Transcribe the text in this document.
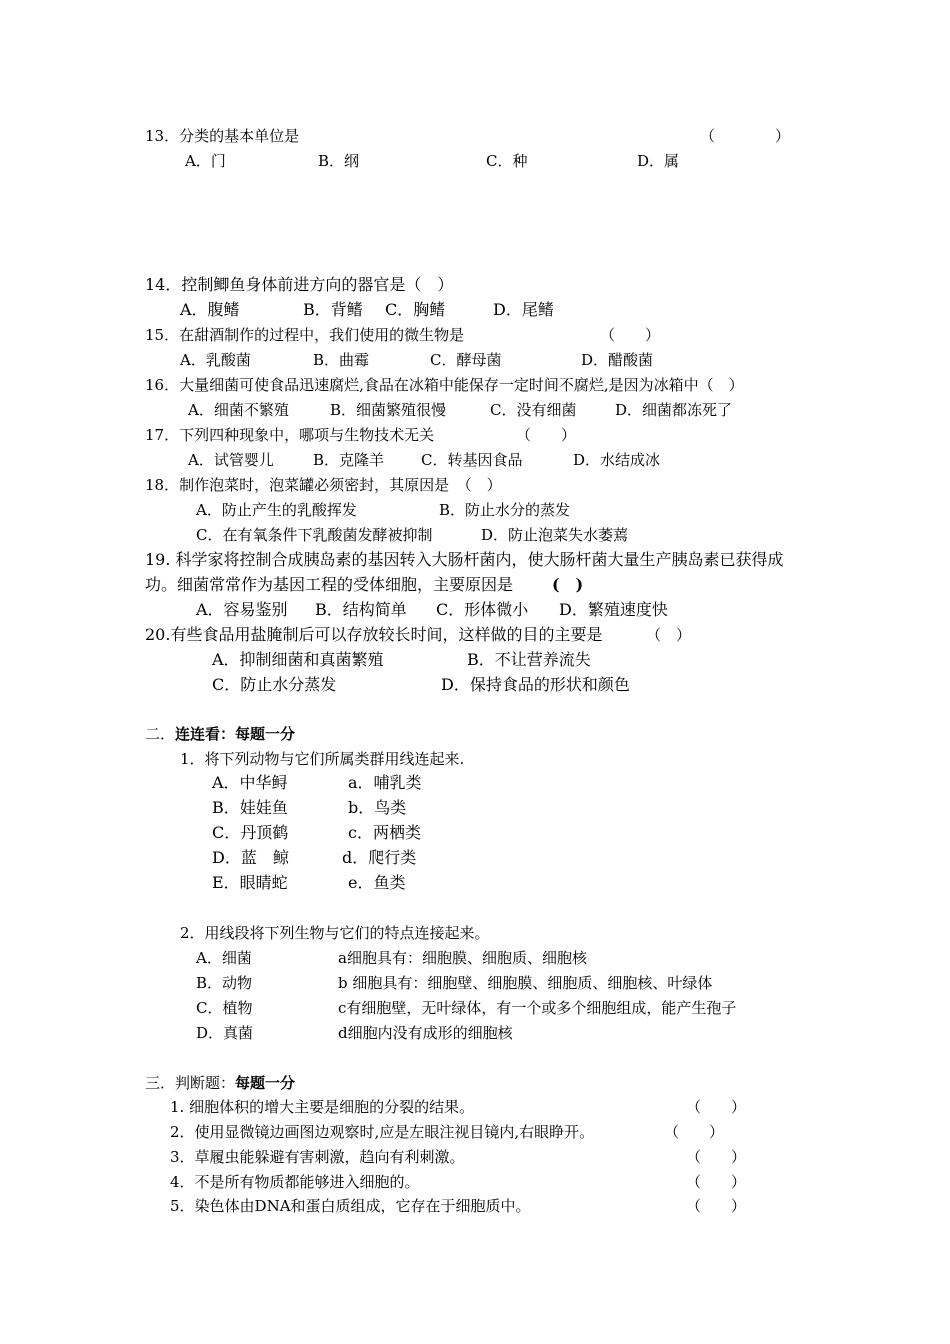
13．分类的基本单位是	（　　　　）
A．门	B．纲	C．种	D．属
14．控制鲫鱼身体前进方向的器官是（　）
A．腹鳍	B．背鳍 C．胸鳍	D．尾鳍
15．在甜酒制作的过程中，我们使用的微生物是	（　　）
A．乳酸菌	B．曲霉	C．酵母菌	D．醋酸菌
16．大量细菌可使食品迅速腐烂,食品在冰箱中能保存一定时间不腐烂,是因为冰箱中（　）
A．细菌不繁殖	B．细菌繁殖很慢	C．没有细菌	D．细菌都冻死了
17．下列四种现象中，哪项与生物技术无关	（　　）
A．试管婴儿	B．克隆羊 C．转基因食品	D．水结成冰
18．制作泡菜时，泡菜罐必须密封，其原因是　（　）
A．防止产生的乳酸挥发	B．防止水分的蒸发
C．在有氧条件下乳酸菌发酵被抑制	D．防止泡菜失水萎蔫
19. 科学家将控制合成胰岛素的基因转入大肠杆菌内，使大肠杆菌大量生产胰岛素已获得成
功。细菌常常作为基因工程的受体细胞，主要原因是 (　)
A．容易鉴别 B．结构简单 C．形体微小 D．繁殖速度快
20.有些食品用盐腌制后可以存放较长时间，这样做的目的主要是	（　）
A．抑制细菌和真菌繁殖	B．不让营养流失
C．防止水分蒸发	D．保持食品的形状和颜色
二．连连看：每题一分
1．将下列动物与它们所属类群用线连起来.
A．中华鲟	a．哺乳类
B．娃娃鱼	b．鸟类
C．丹顶鹤	c．两栖类
D．蓝　鲸	d．爬行类
E．眼睛蛇	e．鱼类
2．用线段将下列生物与它们的特点连接起来。
A．细菌	a细胞具有：细胞膜、细胞质、细胞核
B．动物	b 细胞具有：细胞壁、细胞膜、细胞质、细胞核、叶绿体
C．植物	c有细胞壁，无叶绿体，有一个或多个细胞组成，能产生孢子
D．真菌	d细胞内没有成形的细胞核
三．判断题：每题一分
1. 细胞体积的增大主要是细胞的分裂的结果。	（　　）
2．使用显微镜边画图边观察时,应是左眼注视目镜内,右眼睁开。	（　　）
3．草履虫能躲避有害刺激，趋向有利刺激。	（　　）
4．不是所有物质都能够进入细胞的。	（　　）
5．染色体由DNA和蛋白质组成，它存在于细胞质中。	（　　）
